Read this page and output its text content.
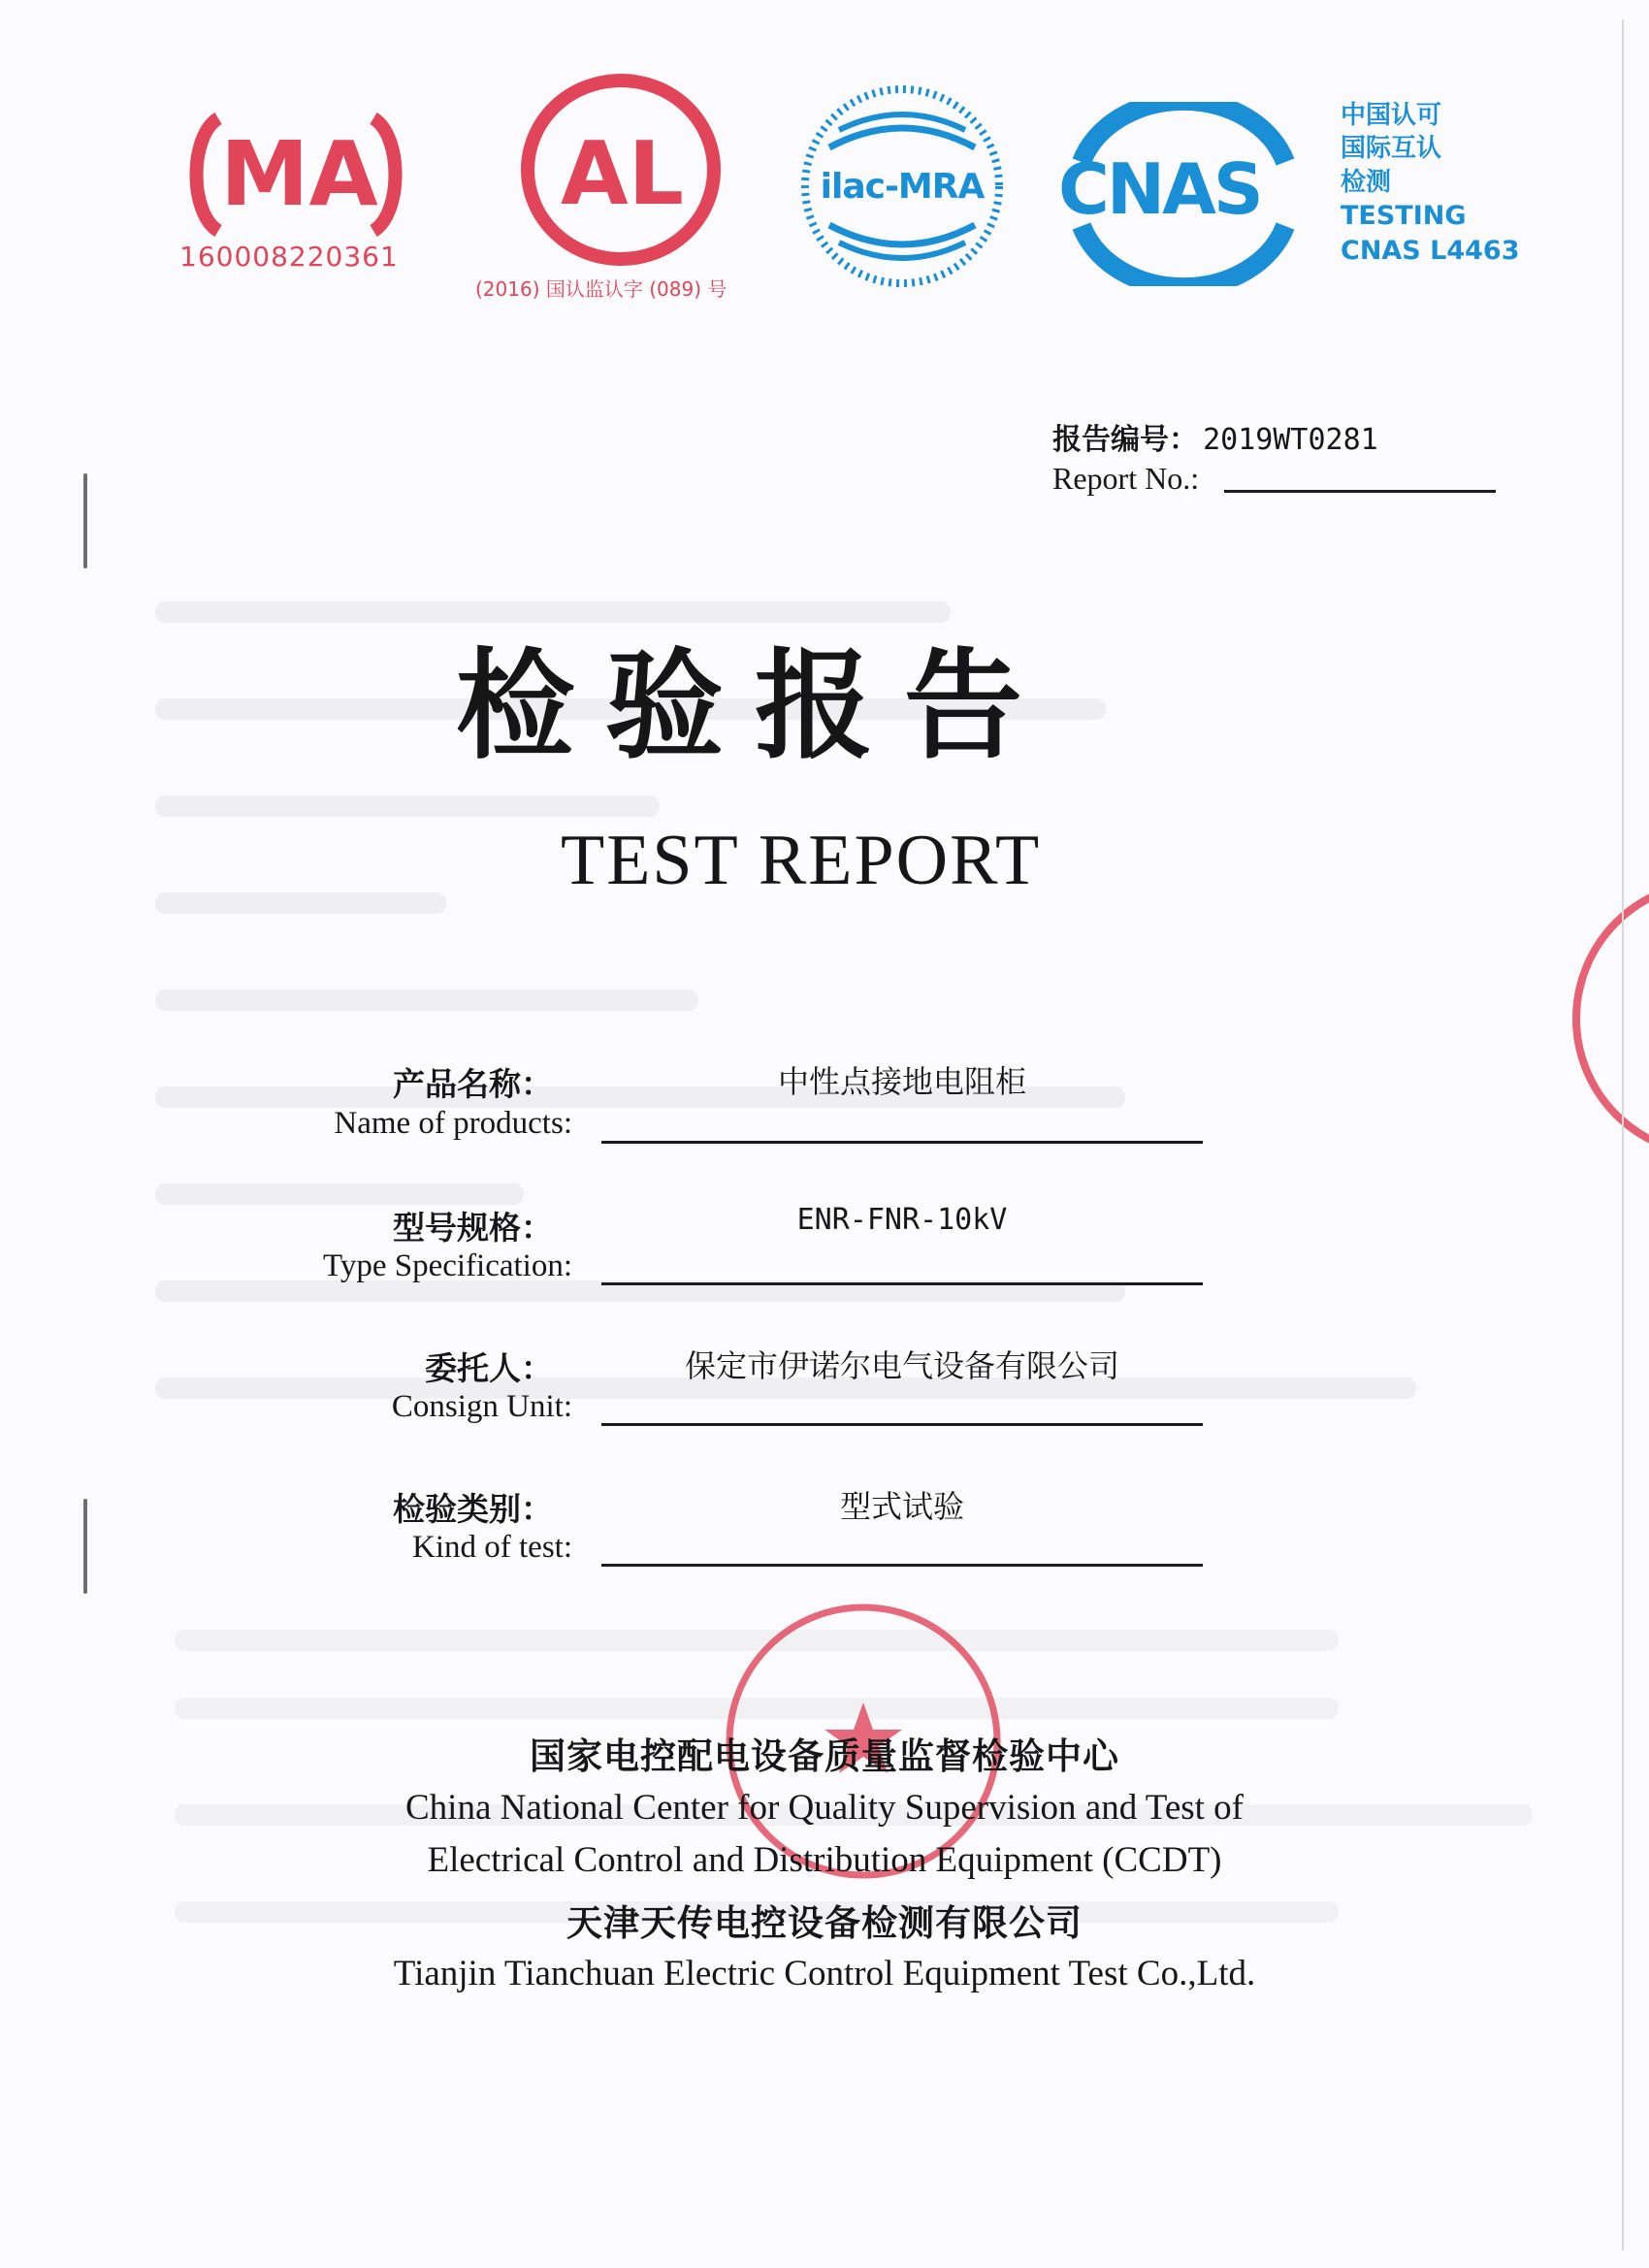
MA
160008220361
AL
(2016) 国认监认字 (089) 号
ilac-MRA	CNAS
中国认可
国际互认
检测
TESTING
CNAS L4463
报告编号： 2019WT0281
Report No.:
检验报告
TEST REPORT
产品名称：
Name of products:
中性点接地电阻柜
型号规格：
Type Specification:
ENR-FNR-10kV
委托人：
Consign Unit:
保定市伊诺尔电气设备有限公司
检验类别：
Kind of test:
型式试验
国家电控配电设备质量监督检验中心
China National Center for Quality Supervision and Test of
Electrical Control and Distribution Equipment (CCDT)
天津天传电控设备检测有限公司
Tianjin Tianchuan Electric Control Equipment Test Co.,Ltd.
